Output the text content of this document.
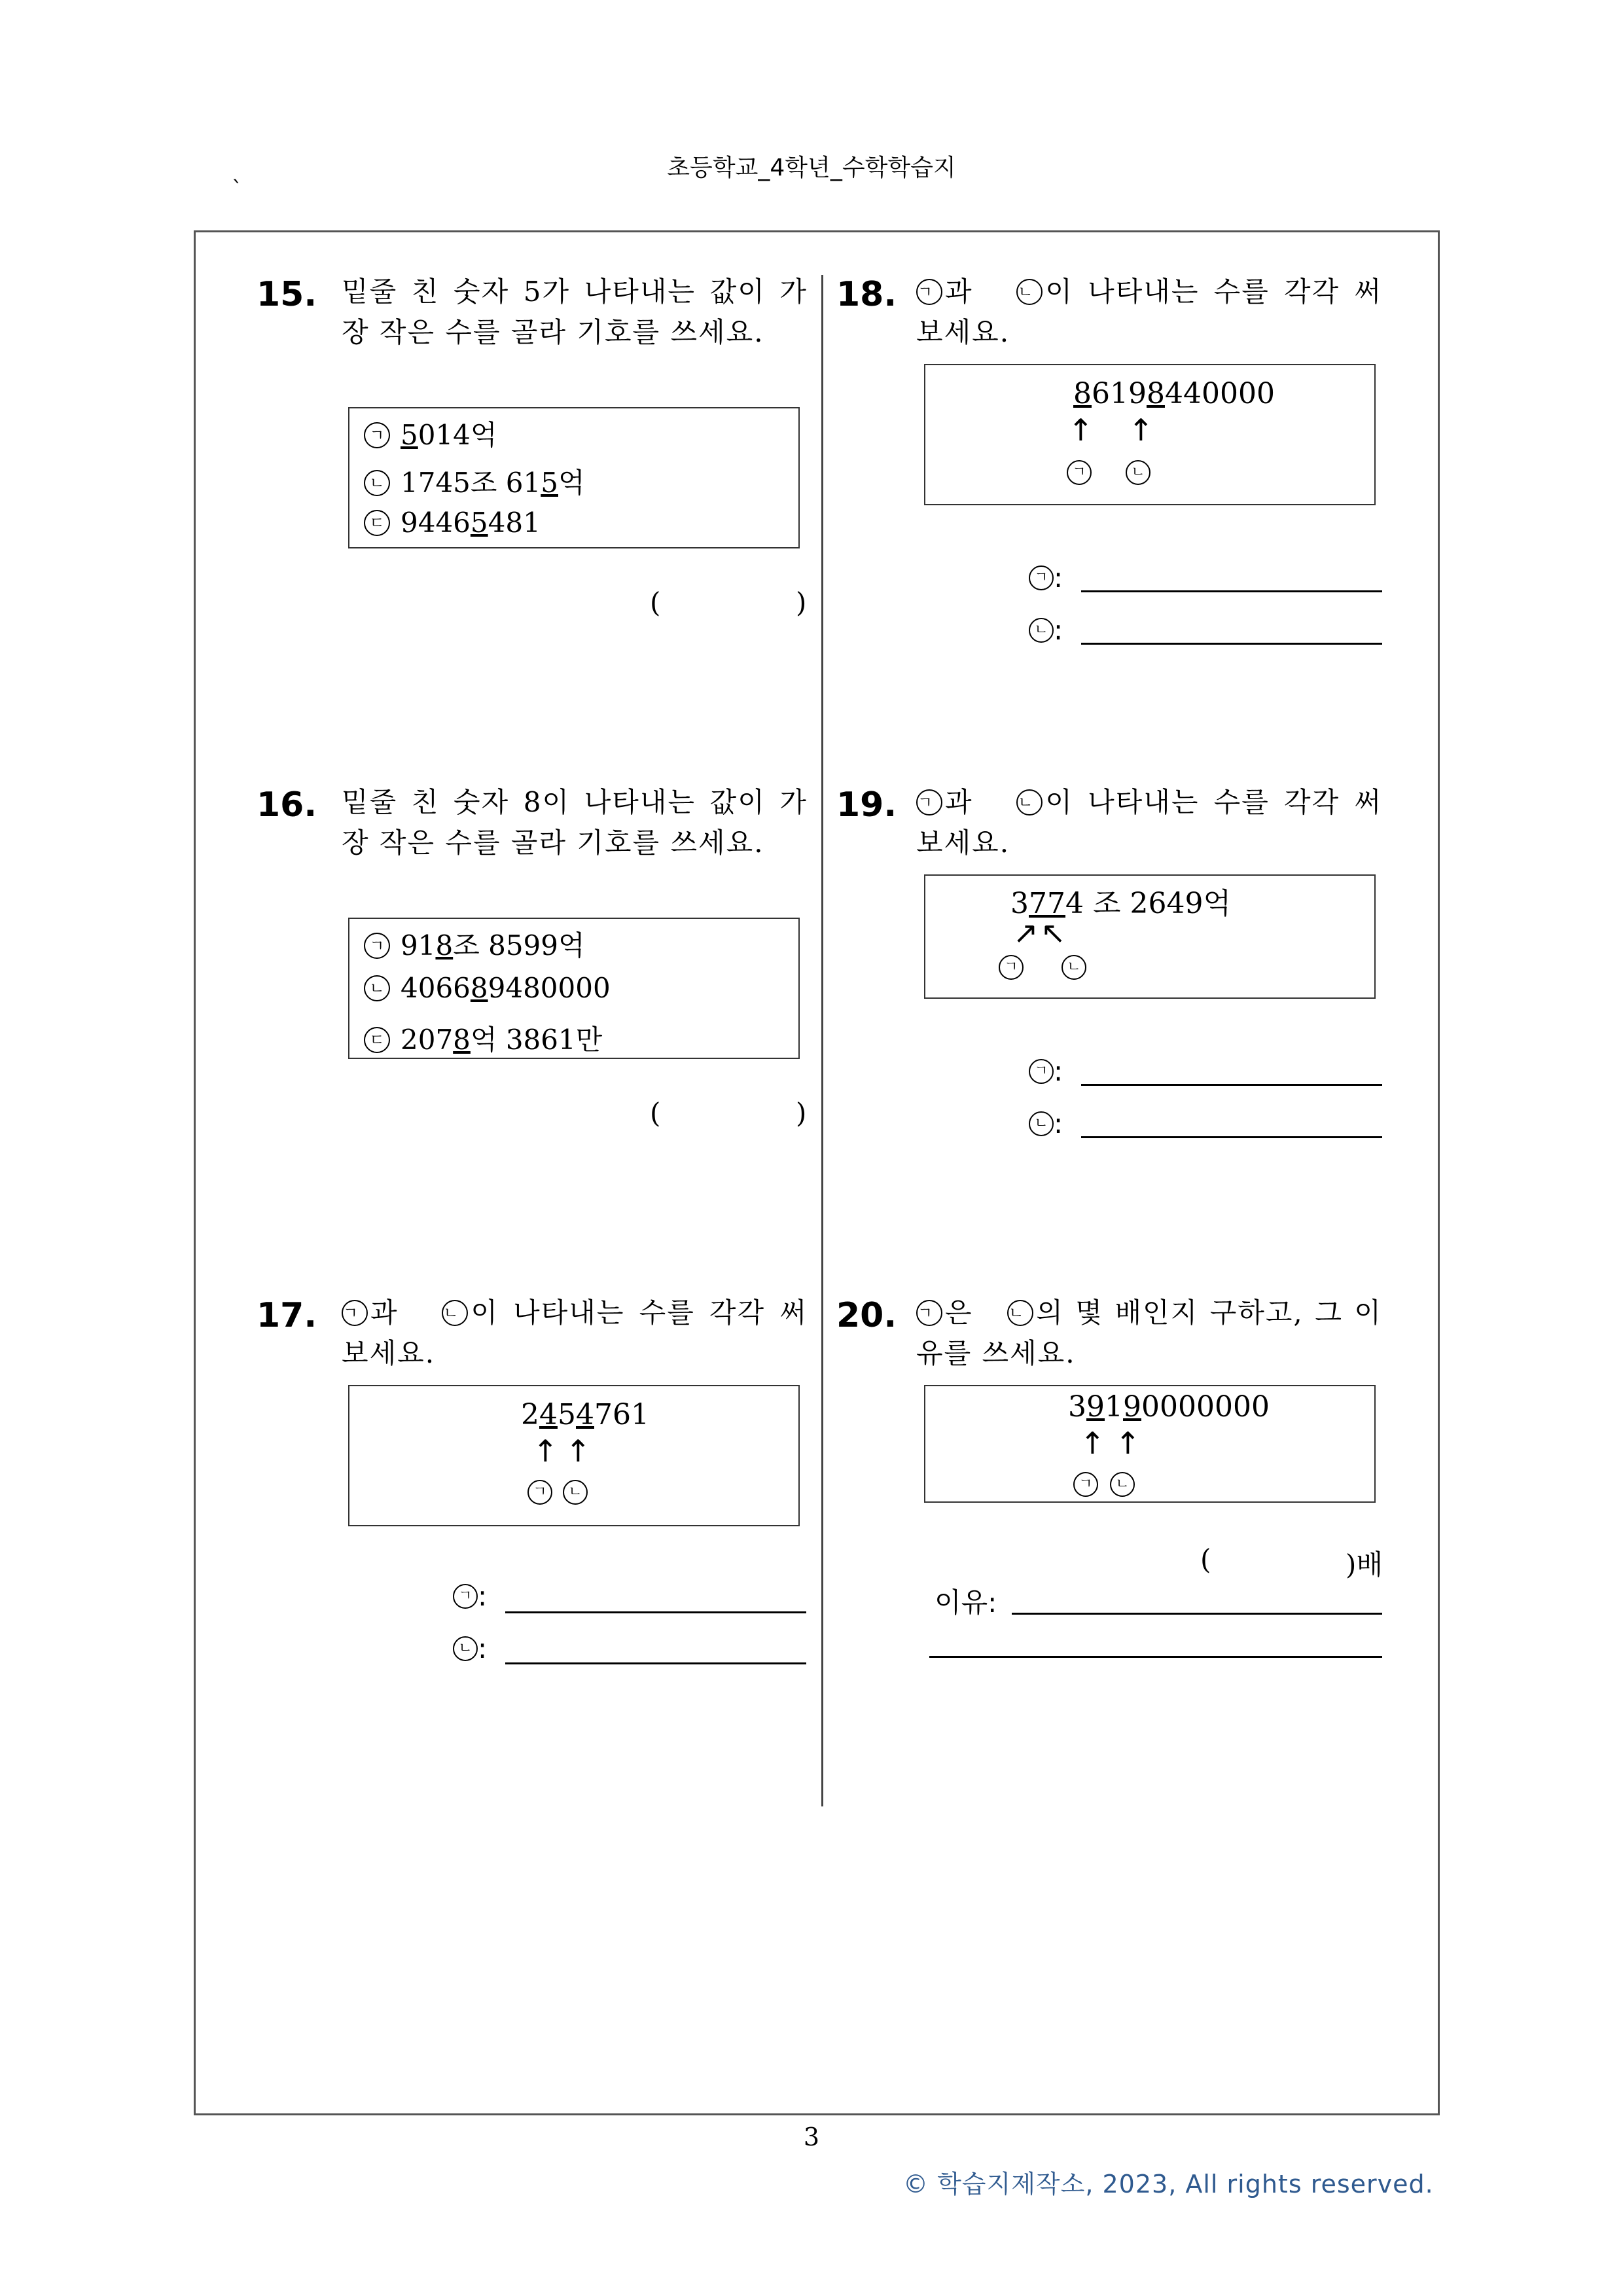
초등학교_4학년_수학학습지
`
15. 밑줄 친 숫자 5가 나타내는 값이 가장 작은 수를 골라 기호를 쓰세요.
ㄱ 5014억
ㄴ 1745조 615억
ㄷ 94465481
(	)
16. 밑줄 친 숫자 8이 나타내는 값이 가장 작은 수를 골라 기호를 쓰세요.
ㄱ 918조 8599억
ㄴ 406689480000
ㄷ 2078억 3861만
(	)
17. ㄱ 과	ㄴ 이 나타내는 수를 각각 써 보세요.
2454761
↑ ↑
ㄱ	ㄴ
ㄱ :
ㄴ :
18. ㄱ 과	ㄴ 이 나타내는 수를 각각 써 보세요.
86198440000
↑ ↑
ㄱ	ㄴ
ㄱ :
ㄴ :
19. ㄱ 과	ㄴ 이 나타내는 수를 각각 써 보세요.
3774 조 2649억
↗ ↖
ㄱ	ㄴ
ㄱ :
ㄴ :
20. ㄱ 은 ㄴ 의 몇 배인지 구하고, 그 이유를 쓰세요.
39190000000
↑ ↑
ㄱ	ㄴ
(	)배
이유:
3
© 학습지제작소, 2023, All rights reserved.
